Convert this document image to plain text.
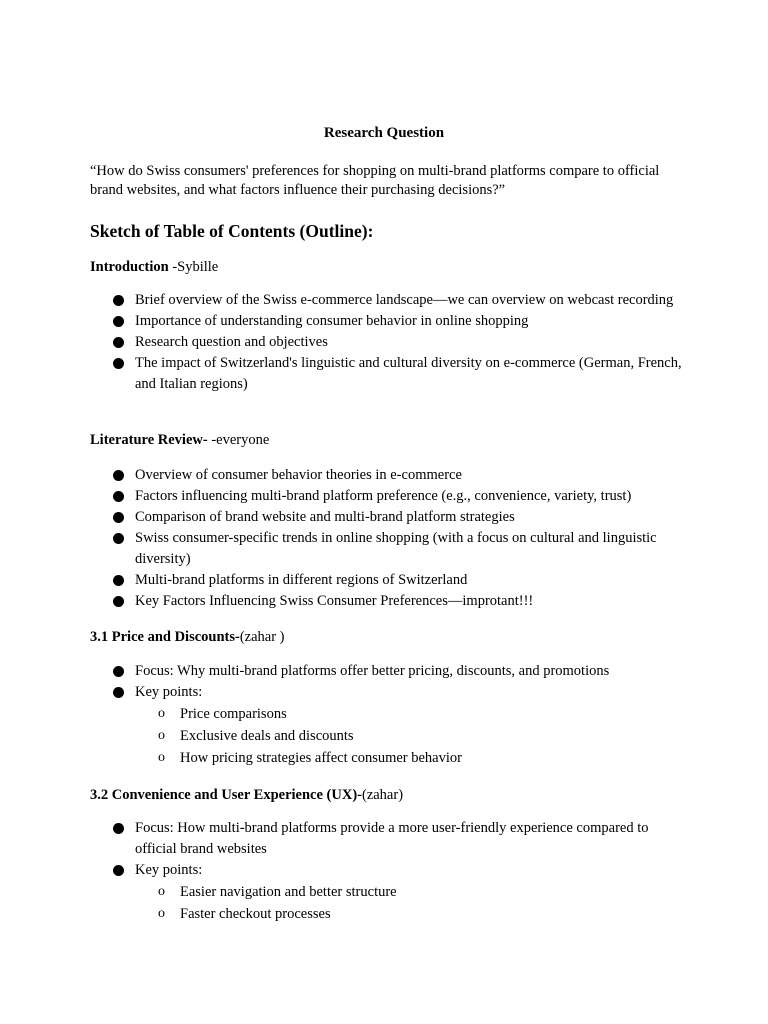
Research Question
“How do Swiss consumers' preferences for shopping on multi-brand platforms compare to official brand websites, and what factors influence their purchasing decisions?”
Sketch of Table of Contents (Outline):
Introduction -Sybille
Brief overview of the Swiss e-commerce landscape—we can overview on webcast recording
Importance of understanding consumer behavior in online shopping
Research question and objectives
The impact of Switzerland's linguistic and cultural diversity on e-commerce (German, French, and Italian regions)
Literature Review- -everyone
Overview of consumer behavior theories in e-commerce
Factors influencing multi-brand platform preference (e.g., convenience, variety, trust)
Comparison of brand website and multi-brand platform strategies
Swiss consumer-specific trends in online shopping (with a focus on cultural and linguistic diversity)
Multi-brand platforms in different regions of Switzerland
Key Factors Influencing Swiss Consumer Preferences—improtant!!!
3.1 Price and Discounts-(zahar )
Focus: Why multi-brand platforms offer better pricing, discounts, and promotions
Key points:
o Price comparisons
o Exclusive deals and discounts
o How pricing strategies affect consumer behavior
3.2 Convenience and User Experience (UX)-(zahar)
Focus: How multi-brand platforms provide a more user-friendly experience compared to official brand websites
Key points:
o Easier navigation and better structure
o Faster checkout processes
